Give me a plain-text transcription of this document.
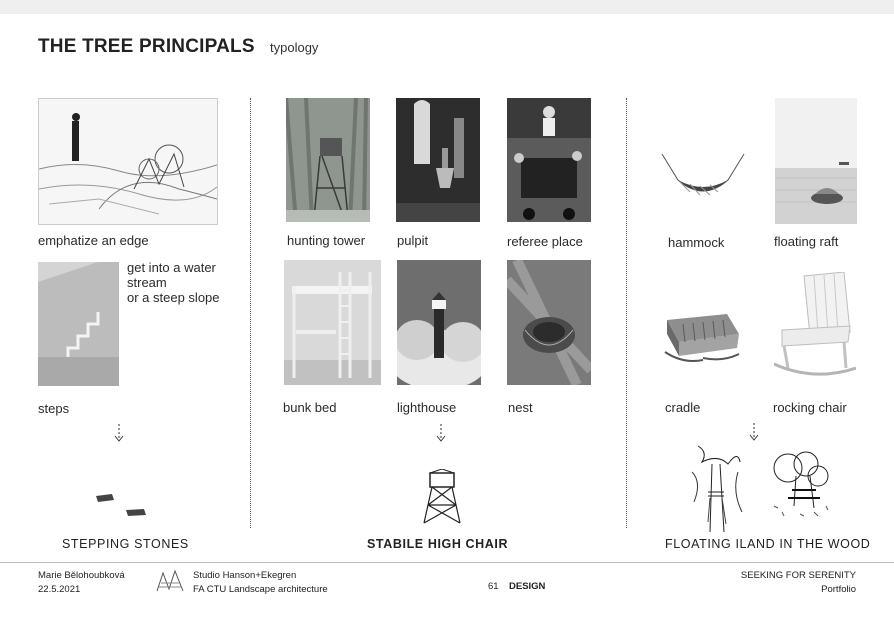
THE TREE PRINCIPALS typology
emphatize an edge
get into a water
stream
or a steep slope
steps
STEPPING STONES
hunting tower pulpit	referee place
bunk bed	lighthouse	nest
STABILE HIGH CHAIR
hammock	floating raft
cradle	rocking chair
FLOATING ILAND IN THE WOOD
Marie Bělohoubková
22.5.2021
Studio Hanson+Ekegren
FA CTU Landscape architecture	61 DESIGN
SEEKING FOR SERENITY
Portfolio
